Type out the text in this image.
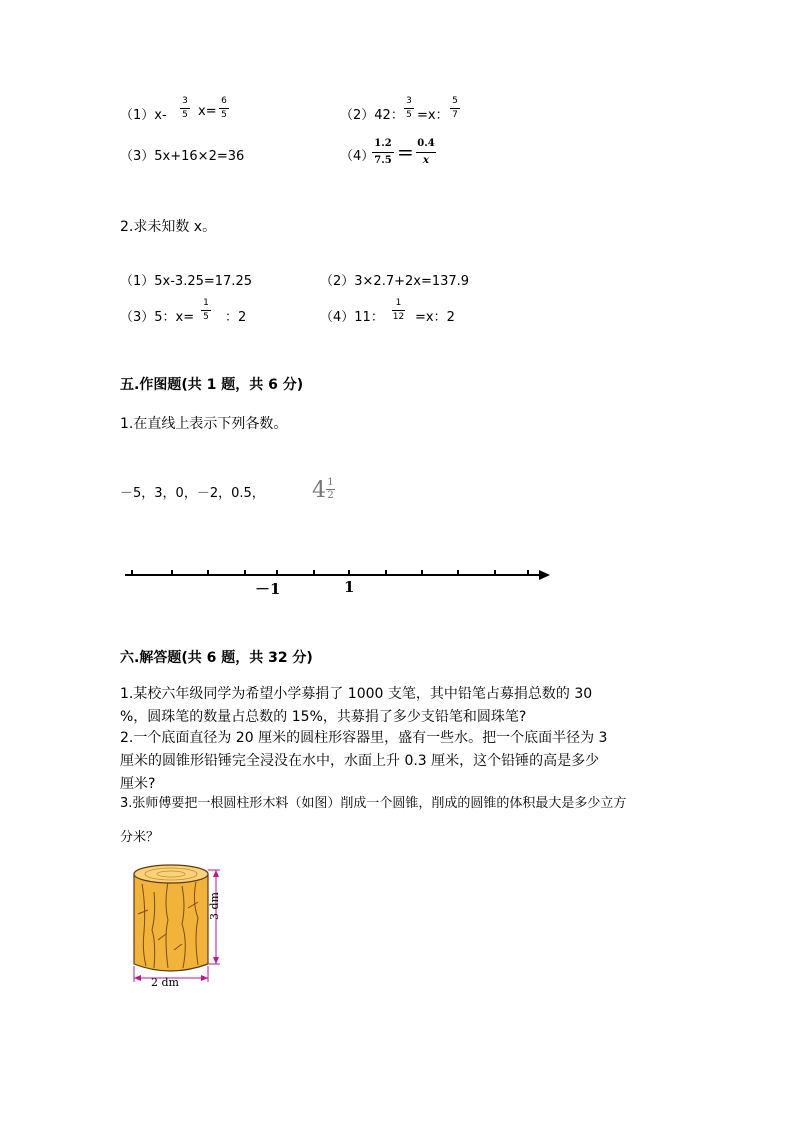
（1）x-
3
5 x=
6
5	（2）42：
3
5 =x：
5
7
（3）5x+16×2=36	（4）
1.2
7.5 = 0.4
x
2.求未知数 x。
（1）5x-3.25=17.25	（2）3×2.7+2x=137.9
（3）5：x=
1
5 ：2	（4）11：
1
12 =x：2
五.作图题(共 1 题，共 6 分)
1.在直线上表示下列各数。
－5，3，0，－2，0.5， 4 1
2
－1	1
六.解答题(共 6 题，共 32 分)
1.某校六年级同学为希望小学募捐了 1000 支笔，其中铅笔占募捐总数的 30
%，圆珠笔的数量占总数的 15%，共募捐了多少支铅笔和圆珠笔?
2.一个底面直径为 20 厘米的圆柱形容器里，盛有一些水。把一个底面半径为 3
厘米的圆锥形铅锤完全浸没在水中，水面上升 0.3 厘米，这个铅锤的高是多少
厘米?
3.张师傅要把一根圆柱形木料（如图）削成一个圆锥，削成的圆锥的体积最大是多少立方
分米？
3 dm
2 dm
